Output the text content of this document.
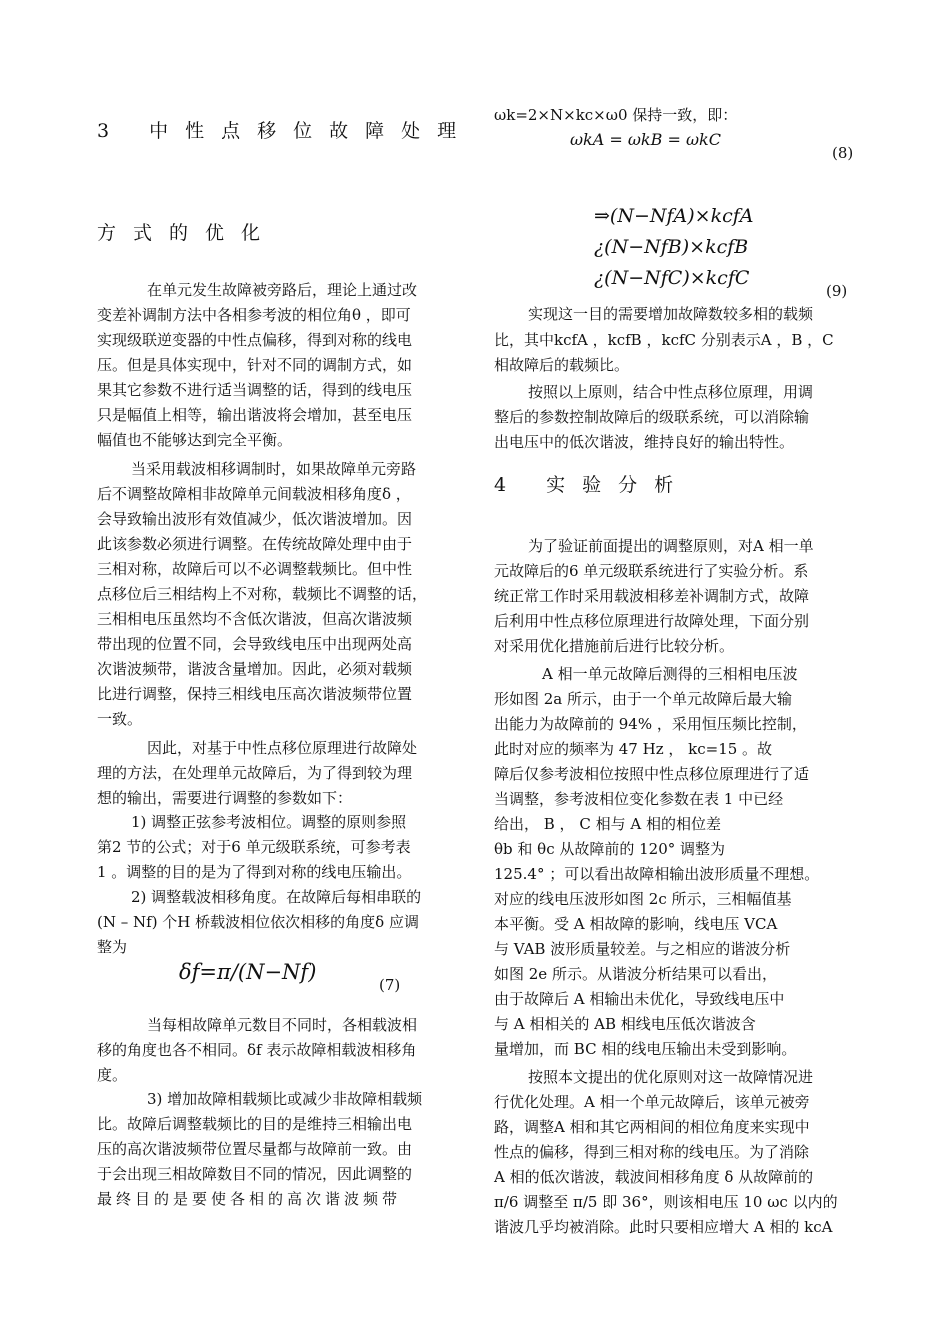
3 中性点移位故障处理
方式的优化
在单元发生故障被旁路后，理论上通过改
变差补调制方法中各相参考波的相位角θ ，即可
实现级联逆变器的中性点偏移，得到对称的线电
压。但是具体实现中，针对不同的调制方式，如
果其它参数不进行适当调整的话，得到的线电压
只是幅值上相等，输出谐波将会增加，甚至电压
幅值也不能够达到完全平衡。
当采用载波相移调制时，如果故障单元旁路
后不调整故障相非故障单元间载波相移角度δ ，
会导致输出波形有效值减少，低次谐波增加。因
此该参数必须进行调整。在传统故障处理中由于
三相对称，故障后可以不必调整载频比。但中性
点移位后三相结构上不对称，载频比不调整的话，
三相相电压虽然均不含低次谐波，但高次谐波频
带出现的位置不同，会导致线电压中出现两处高
次谐波频带，谐波含量增加。因此，必须对载频
比进行调整，保持三相线电压高次谐波频带位置
一致。
因此，对基于中性点移位原理进行故障处
理的方法，在处理单元故障后，为了得到较为理
想的输出，需要进行调整的参数如下：
1) 调整正弦参考波相位。调整的原则参照
第2 节的公式；对于6 单元级联系统，可参考表
1 。调整的目的是为了得到对称的线电压输出。
2) 调整载波相移角度。在故障后每相串联的
(N – Nf) 个H 桥载波相位依次相移的角度δ 应调
整为
δf=π/(N−Nf)
(7)
当每相故障单元数目不同时，各相载波相
移的角度也各不相同。δf 表示故障相载波相移角
度。
3) 增加故障相载频比或减少非故障相载频
比。故障后调整载频比的目的是维持三相输出电
压的高次谐波频带位置尽量都与故障前一致。由
于会出现三相故障数目不同的情况，因此调整的
最终目的是要使各相的高次谐波频带
ωk=2×N×kc×ω0 保持一致，即：
ωkA = ωkB = ωkC
(8)
⇒(N−NfA)×kcfA
¿(N−NfB)×kcfB
¿(N−NfC)×kcfC
(9)
实现这一目的需要增加故障数较多相的载频
比，其中kcfA ，kcfB ，kcfC 分别表示A ，B ，C
相故障后的载频比。
按照以上原则，结合中性点移位原理，用调
整后的参数控制故障后的级联系统，可以消除输
出电压中的低次谐波，维持良好的输出特性。
4 实验分析
为了验证前面提出的调整原则，对A 相一单
元故障后的6 单元级联系统进行了实验分析。系
统正常工作时采用载波相移差补调制方式，故障
后利用中性点移位原理进行故障处理，下面分别
对采用优化措施前后进行比较分析。
A 相一单元故障后测得的三相相电压波
形如图 2a 所示，由于一个单元故障后最大输
出能力为故障前的 94% ，采用恒压频比控制，
此时对应的频率为 47 Hz ， kc=15 。故
障后仅参考波相位按照中性点移位原理进行了适
当调整，参考波相位变化参数在表 1 中已经
给出， B ， C 相与 A 相的相位差
θb 和 θc 从故障前的 120° 调整为
125.4° ；可以看出故障相输出波形质量不理想。
对应的线电压波形如图 2c 所示，三相幅值基
本平衡。受 A 相故障的影响，线电压 VCA
与 VAB 波形质量较差。与之相应的谐波分析
如图 2e 所示。从谐波分析结果可以看出，
由于故障后 A 相输出未优化，导致线电压中
与 A 相相关的 AB 相线电压低次谐波含
量增加，而 BC 相的线电压输出未受到影响。
按照本文提出的优化原则对这一故障情况进
行优化处理。A 相一个单元故障后，该单元被旁
路，调整A 相和其它两相间的相位角度来实现中
性点的偏移，得到三相对称的线电压。为了消除
A 相的低次谐波，载波间相移角度 δ 从故障前的
π/6 调整至 π/5 即 36°，则该相电压 10 ωc 以内的
谐波几乎均被消除。此时只要相应增大 A 相的 kcA
